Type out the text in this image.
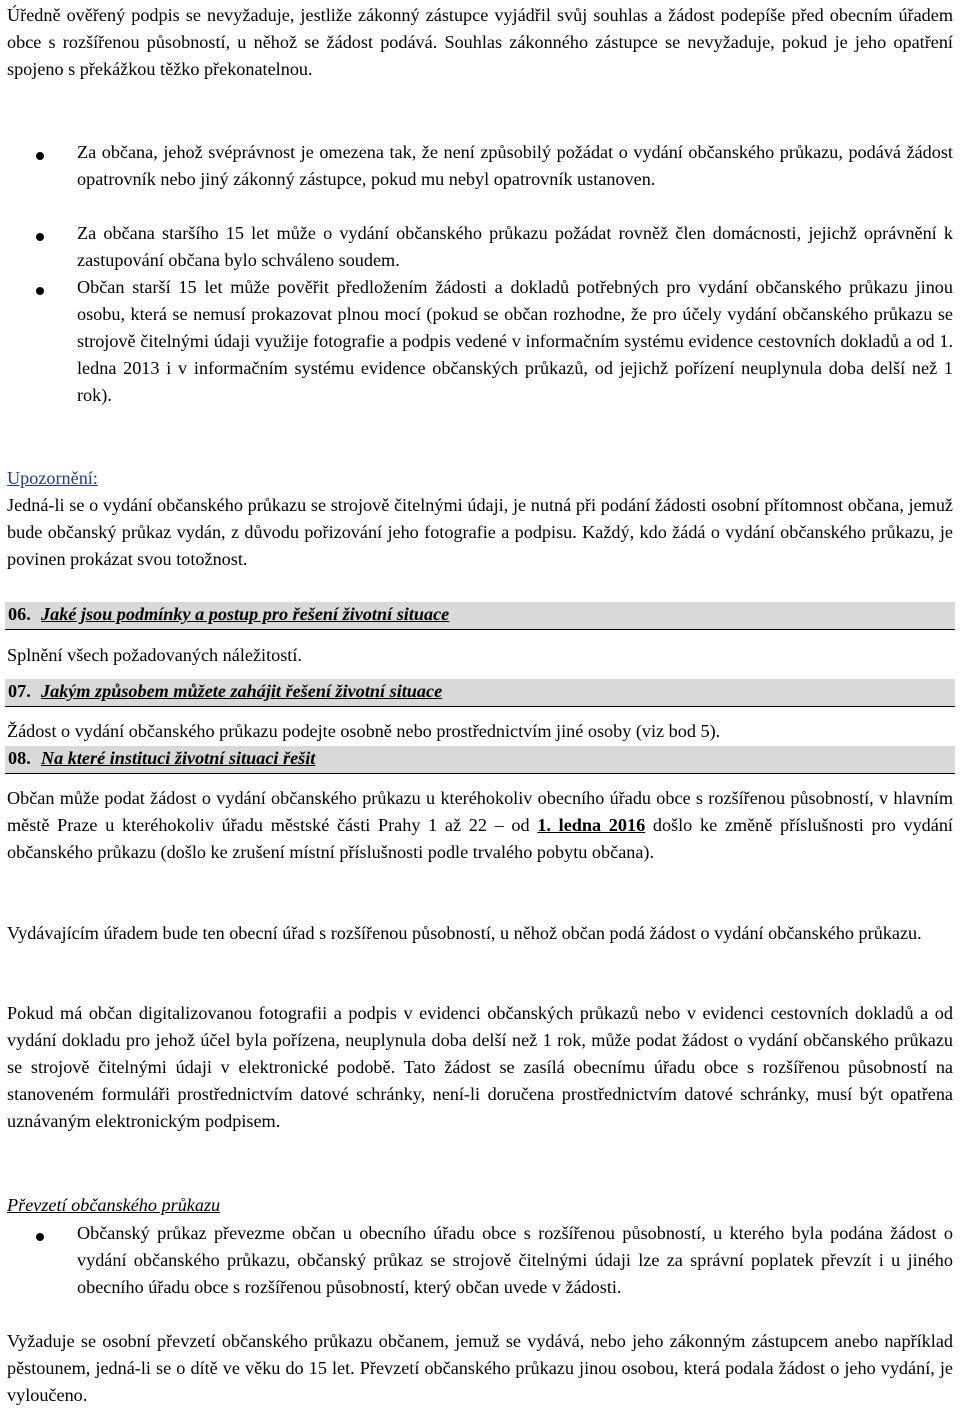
Úředně ověřený podpis se nevyžaduje, jestliže zákonný zástupce vyjádřil svůj souhlas a žádost podepíše před obecním úřadem obce s rozšířenou působností, u něhož se žádost podává. Souhlas zákonného zástupce se nevyžaduje, pokud je jeho opatření spojeno s překážkou těžko překonatelnou.

Za občana, jehož svéprávnost je omezena tak, že není způsobilý požádat o vydání občanského průkazu, podává žádost opatrovník nebo jiný zákonný zástupce, pokud mu nebyl opatrovník ustanoven.

Za občana staršího 15 let může o vydání občanského průkazu požádat rovněž člen domácnosti, jejichž oprávnění k zastupování občana bylo schváleno soudem.

Občan starší 15 let může pověřit předložením žádosti a dokladů potřebných pro vydání občanského průkazu jinou osobu, která se nemusí prokazovat plnou mocí (pokud se občan rozhodne, že pro účely vydání občanského průkazu se strojově čitelnými údaji využije fotografie a podpis vedené v informačním systému evidence cestovních dokladů a od 1. ledna 2013 i v informačním systému evidence občanských průkazů, od jejichž pořízení neuplynula doba delší než 1 rok).

Upozornění:

Jedná-li se o vydání občanského průkazu se strojově čitelnými údaji, je nutná při podání žádosti osobní přítomnost občana, jemuž bude občanský průkaz vydán, z důvodu pořizování jeho fotografie a podpisu. Každý, kdo žádá o vydání občanského průkazu, je povinen prokázat svou totožnost.

06. Jaké jsou podmínky a postup pro řešení životní situace

Splnění všech požadovaných náležitostí.

07. Jakým způsobem můžete zahájit řešení životní situace

Žádost o vydání občanského průkazu podejte osobně nebo prostřednictvím jiné osoby (viz bod 5).

08. Na které instituci životní situaci řešit

Občan může podat žádost o vydání občanského průkazu u kteréhokoliv obecního úřadu obce s rozšířenou působností, v hlavním městě Praze u kteréhokoliv úřadu městské části Prahy 1 až 22 – od 1. ledna 2016 došlo ke změně příslušnosti pro vydání občanského průkazu (došlo ke zrušení místní příslušnosti podle trvalého pobytu občana).

Vydávajícím úřadem bude ten obecní úřad s rozšířenou působností, u něhož občan podá žádost o vydání občanského průkazu.

Pokud má občan digitalizovanou fotografii a podpis v evidenci občanských průkazů nebo v evidenci cestovních dokladů a od vydání dokladu pro jehož účel byla pořízena, neuplynula doba delší než 1 rok, může podat žádost o vydání občanského průkazu se strojově čitelnými údaji v elektronické podobě. Tato žádost se zasílá obecnímu úřadu obce s rozšířenou působností na stanoveném formuláři prostřednictvím datové schránky, není-li doručena prostřednictvím datové schránky, musí být opatřena uznávaným elektronickým podpisem.

Převzetí občanského průkazu

Občanský průkaz převezme občan u obecního úřadu obce s rozšířenou působností, u kterého byla podána žádost o vydání občanského průkazu, občanský průkaz se strojově čitelnými údaji lze za správní poplatek převzít i u jiného obecního úřadu obce s rozšířenou působností, který občan uvede v žádosti.

Vyžaduje se osobní převzetí občanského průkazu občanem, jemuž se vydává, nebo jeho zákonným zástupcem anebo například pěstounem, jedná-li se o dítě ve věku do 15 let. Převzetí občanského průkazu jinou osobou, která podala žádost o jeho vydání, je vyloučeno.
